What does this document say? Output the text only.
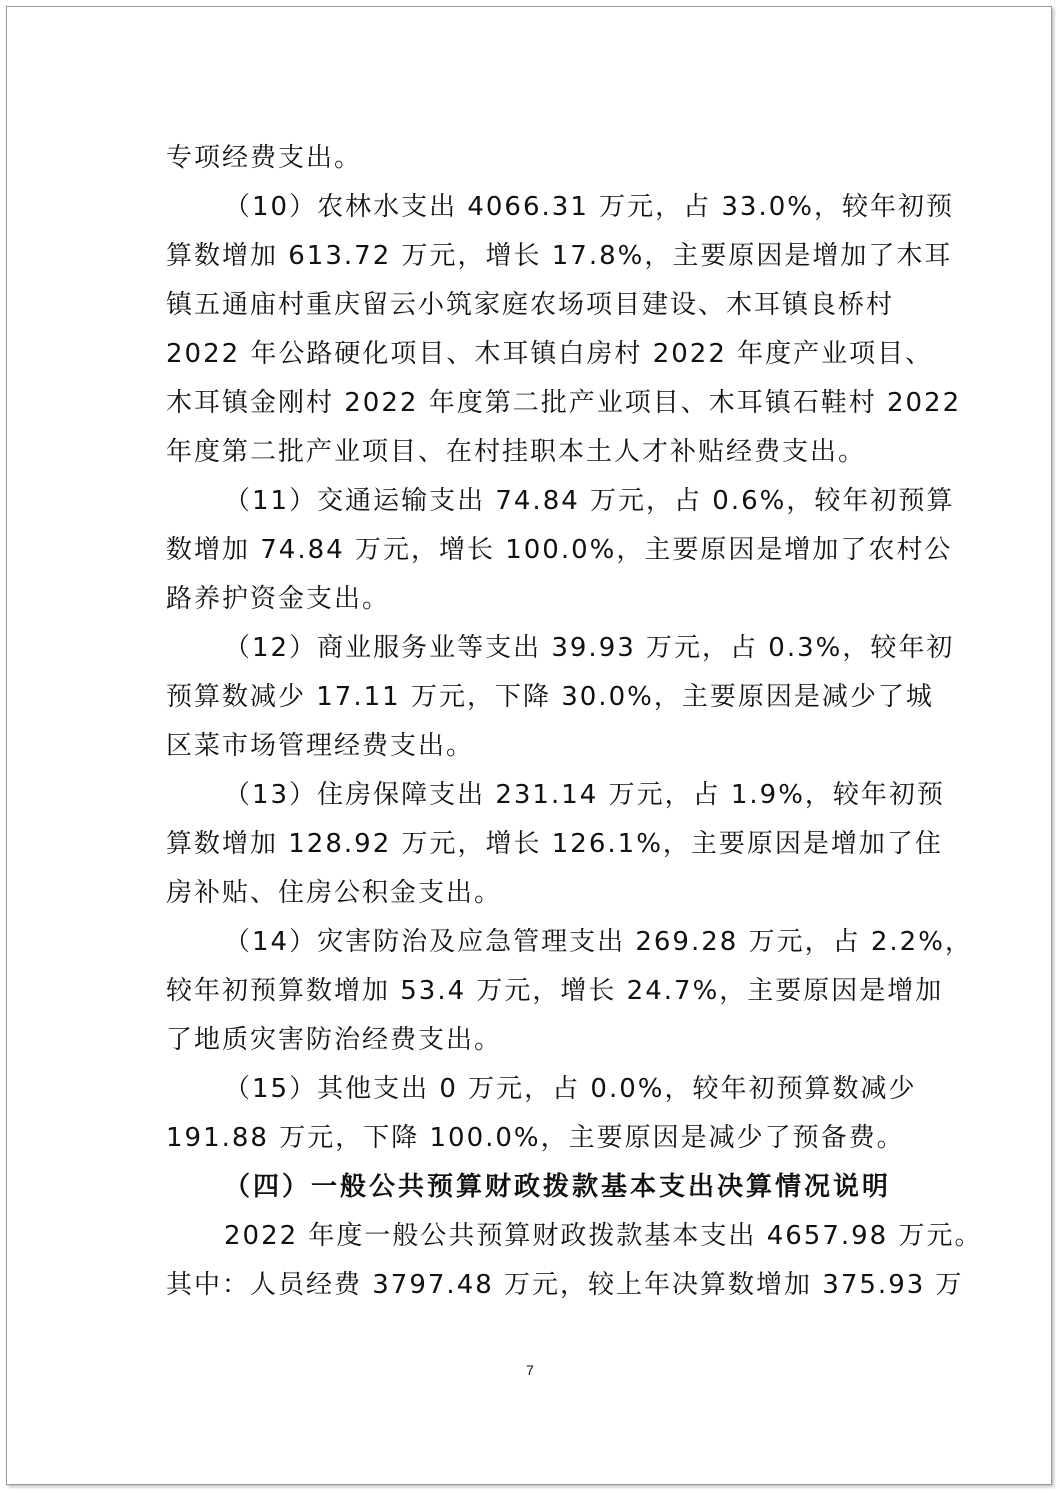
专项经费支出。
（10）农林水支出 4066.31 万元，占 33.0%，较年初预
算数增加 613.72 万元，增长 17.8%，主要原因是增加了木耳
镇五通庙村重庆留云小筑家庭农场项目建设、木耳镇良桥村
2022 年公路硬化项目、木耳镇白房村 2022 年度产业项目、
木耳镇金刚村 2022 年度第二批产业项目、木耳镇石鞋村 2022
年度第二批产业项目、在村挂职本土人才补贴经费支出。
（11）交通运输支出 74.84 万元，占 0.6%，较年初预算
数增加 74.84 万元，增长 100.0%，主要原因是增加了农村公
路养护资金支出。
（12）商业服务业等支出 39.93 万元，占 0.3%，较年初
预算数减少 17.11 万元，下降 30.0%，主要原因是减少了城
区菜市场管理经费支出。
（13）住房保障支出 231.14 万元，占 1.9%，较年初预
算数增加 128.92 万元，增长 126.1%，主要原因是增加了住
房补贴、住房公积金支出。
（14）灾害防治及应急管理支出 269.28 万元，占 2.2%，
较年初预算数增加 53.4 万元，增长 24.7%，主要原因是增加
了地质灾害防治经费支出。
（15）其他支出 0 万元，占 0.0%，较年初预算数减少
191.88 万元，下降 100.0%，主要原因是减少了预备费。
（四）一般公共预算财政拨款基本支出决算情况说明
2022 年度一般公共预算财政拨款基本支出 4657.98 万元。
其中：人员经费 3797.48 万元，较上年决算数增加 375.93 万
7
